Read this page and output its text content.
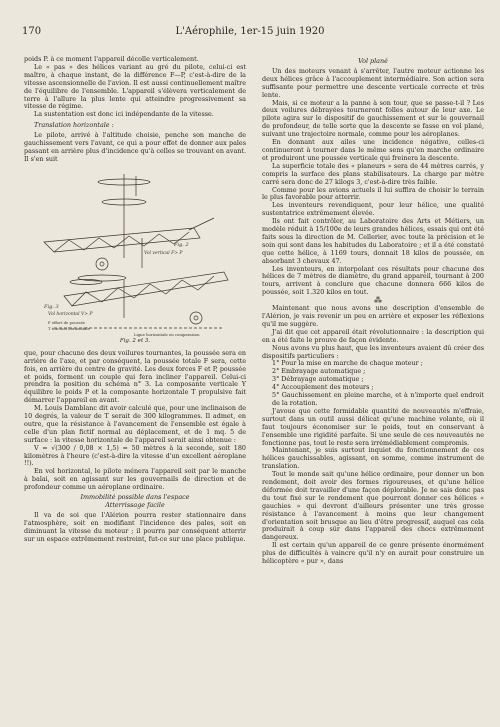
170	L'Aérophile, 1er-15 juin 1920

poids P. à ce moment l'appareil décolle verticalement.

Le « pas » des hélices variant au gré du pilote, celui-ci est maître, à chaque instant, de la différence F—P, c'est-à-dire de la vitesse ascensionnelle de l'avion. Il est aussi continuellement maître de l'équilibre de l'ensemble. L'appareil s'élèvera verticalement de terre à l'allure la plus lente qui atteindre progressivement sa vitesse de régime.

La sustentation est donc ici indépendante de la vitesse.

Translation horizontale :

Le pilote, arrivé à l'altitude choisie, penche son manche de gauchissement vers l'avant, ce qui a pour effet de donner aux pales passant en arrière plus d'incidence qu'à celles se trouvant en avant. Il s'en suit

Fig. 2
Vol vertical F> P
Fig. 3
Vol horizontal V> P
F effort de poussée
T traction horizontale
Ligne horizontale en comparaison
Fig. 2 et 3.

que, pour chacune des deux voilures tournantes, la poussée sera en arrière de l'axe, et par conséquent, la poussée totale F sera, cette fois, en arrière du centre de gravité. Les deux forces F et P, poussée et poids, forment un couple qui fera incliner l'appareil. Celui-ci prendra la position du schéma n° 3. La composante verticale Y équilibre le poids P et la composante horizontale T propulsive fait démarrer l'appareil en avant.

M. Louis Damblanc dit avoir calculé que, pour une inclinaison de 10 degrés, la valeur de T serait de 300 kilogrammes. Il admet, en outre, que la résistance à l'avancement de l'ensemble est égale à celle d'un plan fictif normal au déplacement, et de 1 mq. 5 de surface : la vitesse horizontale de l'appareil serait ainsi obtenue :

V = √(300 / 0,08 × 1,5) = 50 mètres à la seconde, soit 180 kilomètres à l'heure (c'est-à-dire la vitesse d'un excellent aéroplane !!).

En vol horizontal, le pilote ménera l'appareil soit par le manche à balai, soit en agissant sur les gouvernails de direction et de profondeur comme un aéroplane ordinaire.

Immobilité possible dans l'espace
Atterrissage facile

Il va de soi que l'Alérion pourra rester stationnaire dans l'atmosphère, soit en modifiant l'incidence des pales, soit en diminuant la vitesse du moteur ; il pourra par conséquent atterrir sur un espace extrêmement restreint, fut-ce sur une place publique.

Vol plané

Un des moteurs venant à s'arrêter, l'autre moteur actionne les deux hélices grâce à l'accouplement intermédiaire. Son action sera suffisante pour permettre une descente verticale correcte et très lente.

Mais, si ce moteur a la panne à son tour, que se passe-t-il ? Les deux voilures débrayées tourneront folles autour de leur axe. Le pilote agira sur le dispositif de gauchissement et sur le gouvernail de profondeur, de telle sorte que la descente se fasse en vol plané, suivant une trajectoire normale, comme pour les aéroplanes.

En donnant aux ailes une incidence négative, celles-ci continueront à tourner dans le même sens qu'en marche ordinaire et produiront une poussée verticale qui freinera la descente.

La superficie totale des « planeurs » sera de 44 mètres carrés, y compris la surface des plans stabilisateurs. La charge par mètre carré sera donc de 27 kilogs 3, c'est-à-dire très faible.

Comme pour les avions actuels il lui suffira de choisir le terrain le plus favorable pour atterrir.

Les inventeurs revendiquent, pour leur hélice, une qualité sustentatrice extrêmement élevée.

Ils ont fait contrôler, au Laboratoire des Arts et Métiers, un modèle réduit à 15/100e de leurs grandes hélices, essais qui ont été faits sous la direction de M. Cellerier, avec toute la précision et le soin qui sont dans les habitudes du Laboratoire ; et il a été constaté que cette hélice, à 1169 tours, donnait 18 kilos de poussée, en absorbant 3 chevaux 47.

Les inventeurs, en interpolant ces résultats pour chacune des hélices de 7 mètres de diamètre, du grand appareil, tournant à 200 tours, arrivent à conclure que chacune donnera 666 kilos de poussée, soit 1.320 kilos en tout.

⁂

Maintenant que nous avons une description d'ensemble de l'Alérion, je vais revenir un peu en arrière et exposer les réflexions qu'il me suggère.

J'ai dit que cet appareil était révolutionnaire : la description qui en a été faite le prouve de façon évidente.

Nous avons vu plus haut, que les inventeurs avaient dû créer des dispositifs particuliers :

1° Pour la mise en marche de chaque moteur ;
2° Embrayage automatique ;
3° Débrayage automatique ;
4° Accouplement des moteurs ;
5° Gauchissement en pleine marche, et à n'importe quel endroit de la rotation.

J'avoue que cette formidable quantité de nouveautés m'effraie, surtout dans un outil aussi délicat qu'une machine volante, où il faut toujours économiser sur le poids, tout en conservant à l'ensemble une rigidité parfaite. Si une seule de ces nouveautés ne fonctionne pas, tout le reste sera irrémédiablement compromis.

Maintenant, je suis surtout inquiet du fonctionnement de ces hélices gauchissables, agissant, en somme, comme instrument de translation.

Tout le monde sait qu'une hélice ordinaire, pour donner un bon rendement, doit avoir des formes rigoureuses, et qu'une hélice déformée doit travailler d'une façon déplorable. Je ne sais donc pas du tout fixé sur le rendement que pourront donner ces hélices « gauchies » qui devront d'ailleurs présenter une très grosse résistance à l'avancement à moins que leur changement d'orientation soit brusque au lieu d'être progressif, auquel cas cela produirait à coup sûr dans l'appareil des chocs extrêmement dangereux.

Il est certain qu'un appareil de ce genre présente énormément plus de difficultés à vaincre qu'il n'y en aurait pour construire un hélicoptère « pur », dans
